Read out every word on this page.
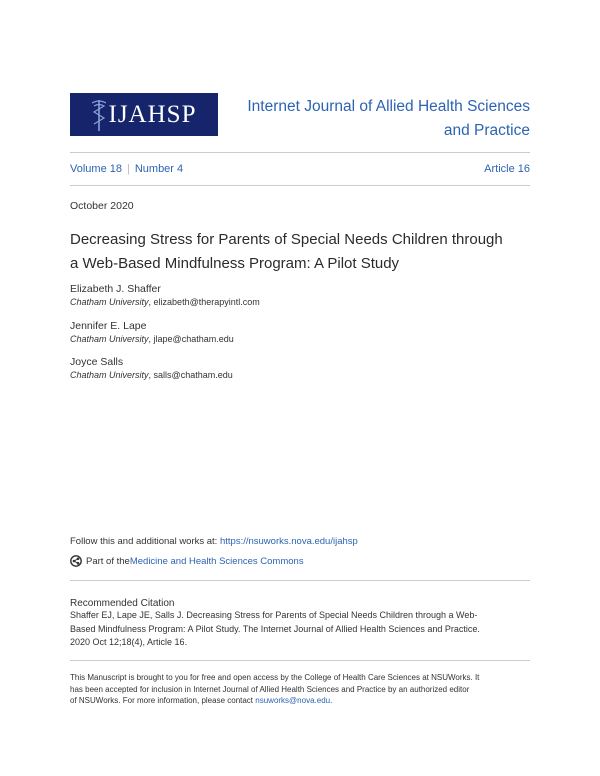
IJAHSP	Internet Journal of Allied Health Sciences
and Practice
Volume 18 | Number 4	Article 16
October 2020
Decreasing Stress for Parents of Special Needs Children through
a Web-Based Mindfulness Program: A Pilot Study
Elizabeth J. Shaffer
Chatham University, elizabeth@therapyintl.com
Jennifer E. Lape
Chatham University, jlape@chatham.edu
Joyce Salls
Chatham University, salls@chatham.edu
Follow this and additional works at: https://nsuworks.nova.edu/ijahsp
Part of the Medicine and Health Sciences Commons
Recommended Citation
Shaffer EJ, Lape JE, Salls J. Decreasing Stress for Parents of Special Needs Children through a Web-
Based Mindfulness Program: A Pilot Study. The Internet Journal of Allied Health Sciences and Practice.
2020 Oct 12;18(4), Article 16.
This Manuscript is brought to you for free and open access by the College of Health Care Sciences at NSUWorks. It
has been accepted for inclusion in Internet Journal of Allied Health Sciences and Practice by an authorized editor
of NSUWorks. For more information, please contact nsuworks@nova.edu.
